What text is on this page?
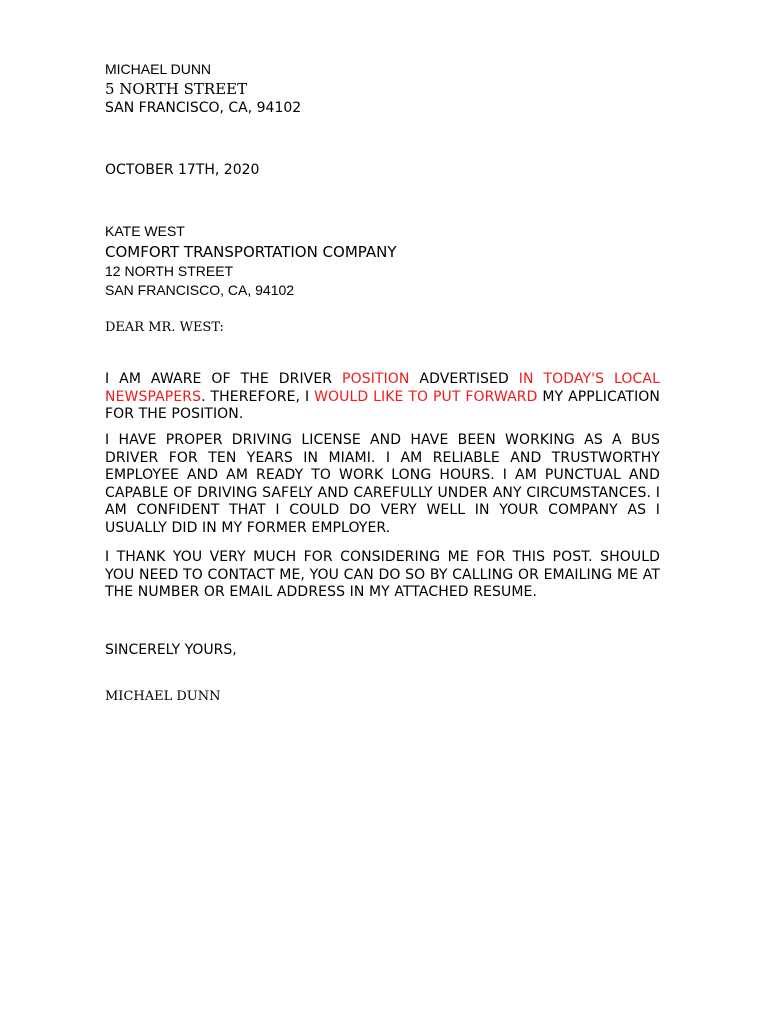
MICHAEL DUNN
5 NORTH STREET
SAN FRANCISCO, CA, 94102
OCTOBER 17TH, 2020
KATE WEST
COMFORT TRANSPORTATION COMPANY
12 NORTH STREET
SAN FRANCISCO, CA, 94102
DEAR MR. WEST:
I AM AWARE OF THE DRIVER POSITION ADVERTISED IN TODAY'S LOCAL NEWSPAPERS. THEREFORE, I WOULD LIKE TO PUT FORWARD MY APPLICATION FOR THE POSITION.
I HAVE PROPER DRIVING LICENSE AND HAVE BEEN WORKING AS A BUS DRIVER FOR TEN YEARS IN MIAMI. I AM RELIABLE AND TRUSTWORTHY EMPLOYEE AND AM READY TO WORK LONG HOURS. I AM PUNCTUAL AND CAPABLE OF DRIVING SAFELY AND CAREFULLY UNDER ANY CIRCUMSTANCES. I AM CONFIDENT THAT I COULD DO VERY WELL IN YOUR COMPANY AS I USUALLY DID IN MY FORMER EMPLOYER.
I THANK YOU VERY MUCH FOR CONSIDERING ME FOR THIS POST. SHOULD YOU NEED TO CONTACT ME, YOU CAN DO SO BY CALLING OR EMAILING ME AT THE NUMBER OR EMAIL ADDRESS IN MY ATTACHED RESUME.
SINCERELY YOURS,
MICHAEL DUNN
